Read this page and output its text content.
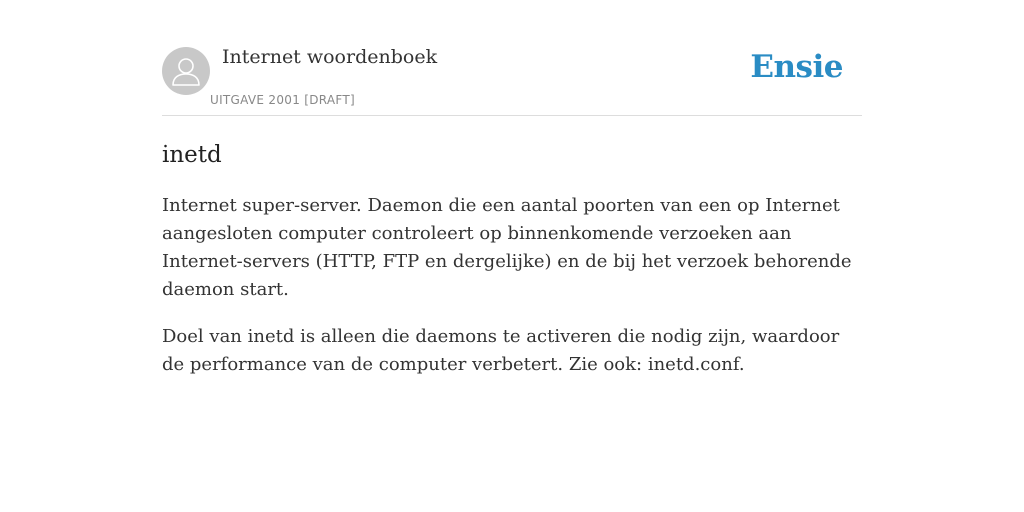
Internet woordenboek
UITGAVE 2001 [DRAFT]
Ensie
inetd

Internet super-server. Daemon die een aantal poorten van een op Internet aangesloten computer controleert op binnenkomende verzoeken aan Internet-servers (HTTP, FTP en dergelijke) en de bij het verzoek behorende daemon start.

Doel van inetd is alleen die daemons te activeren die nodig zijn, waardoor de performance van de computer verbetert. Zie ook: inetd.conf.
